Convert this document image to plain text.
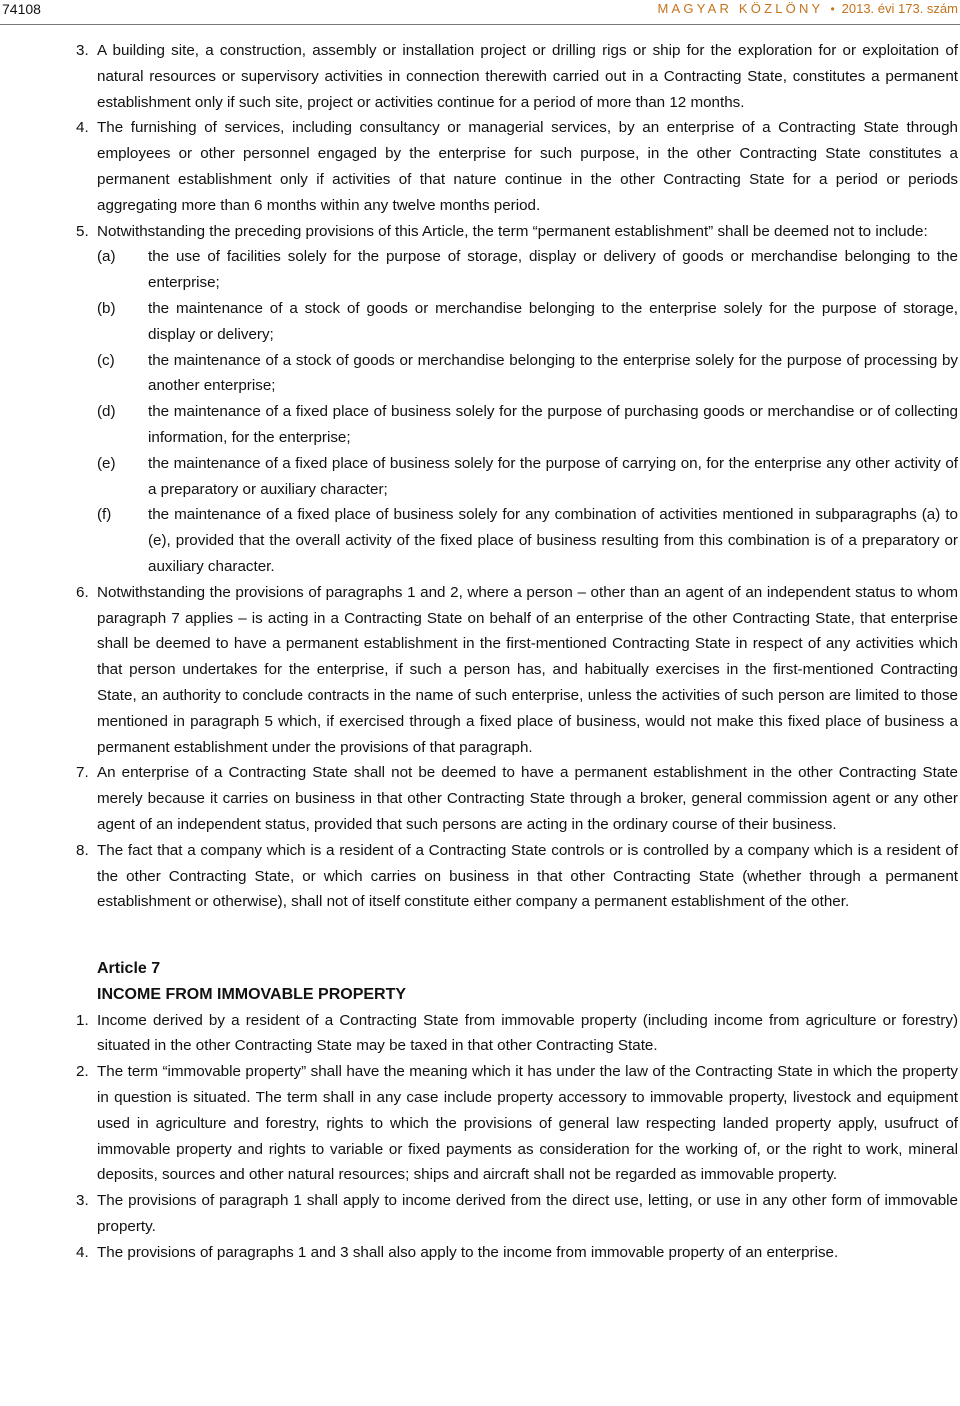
74108	MAGYAR KÖZLÖNY • 2013. évi 173. szám
3. A building site, a construction, assembly or installation project or drilling rigs or ship for the exploration for or exploitation of natural resources or supervisory activities in connection therewith carried out in a Contracting State, constitutes a permanent establishment only if such site, project or activities continue for a period of more than 12 months.
4. The furnishing of services, including consultancy or managerial services, by an enterprise of a Contracting State through employees or other personnel engaged by the enterprise for such purpose, in the other Contracting State constitutes a permanent establishment only if activities of that nature continue in the other Contracting State for a period or periods aggregating more than 6 months within any twelve months period.
5. Notwithstanding the preceding provisions of this Article, the term “permanent establishment” shall be deemed not to include:
(a) the use of facilities solely for the purpose of storage, display or delivery of goods or merchandise belonging to the enterprise;
(b) the maintenance of a stock of goods or merchandise belonging to the enterprise solely for the purpose of storage, display or delivery;
(c) the maintenance of a stock of goods or merchandise belonging to the enterprise solely for the purpose of processing by another enterprise;
(d) the maintenance of a fixed place of business solely for the purpose of purchasing goods or merchandise or of collecting information, for the enterprise;
(e) the maintenance of a fixed place of business solely for the purpose of carrying on, for the enterprise any other activity of a preparatory or auxiliary character;
(f) the maintenance of a fixed place of business solely for any combination of activities mentioned in subparagraphs (a) to (e), provided that the overall activity of the fixed place of business resulting from this combination is of a preparatory or auxiliary character.
6. Notwithstanding the provisions of paragraphs 1 and 2, where a person – other than an agent of an independent status to whom paragraph 7 applies – is acting in a Contracting State on behalf of an enterprise of the other Contracting State, that enterprise shall be deemed to have a permanent establishment in the first-mentioned Contracting State in respect of any activities which that person undertakes for the enterprise, if such a person has, and habitually exercises in the first-mentioned Contracting State, an authority to conclude contracts in the name of such enterprise, unless the activities of such person are limited to those mentioned in paragraph 5 which, if exercised through a fixed place of business, would not make this fixed place of business a permanent establishment under the provisions of that paragraph.
7. An enterprise of a Contracting State shall not be deemed to have a permanent establishment in the other Contracting State merely because it carries on business in that other Contracting State through a broker, general commission agent or any other agent of an independent status, provided that such persons are acting in the ordinary course of their business.
8. The fact that a company which is a resident of a Contracting State controls or is controlled by a company which is a resident of the other Contracting State, or which carries on business in that other Contracting State (whether through a permanent establishment or otherwise), shall not of itself constitute either company a permanent establishment of the other.
Article 7
INCOME FROM IMMOVABLE PROPERTY
1. Income derived by a resident of a Contracting State from immovable property (including income from agriculture or forestry) situated in the other Contracting State may be taxed in that other Contracting State.
2. The term “immovable property” shall have the meaning which it has under the law of the Contracting State in which the property in question is situated. The term shall in any case include property accessory to immovable property, livestock and equipment used in agriculture and forestry, rights to which the provisions of general law respecting landed property apply, usufruct of immovable property and rights to variable or fixed payments as consideration for the working of, or the right to work, mineral deposits, sources and other natural resources; ships and aircraft shall not be regarded as immovable property.
3. The provisions of paragraph 1 shall apply to income derived from the direct use, letting, or use in any other form of immovable property.
4. The provisions of paragraphs 1 and 3 shall also apply to the income from immovable property of an enterprise.
